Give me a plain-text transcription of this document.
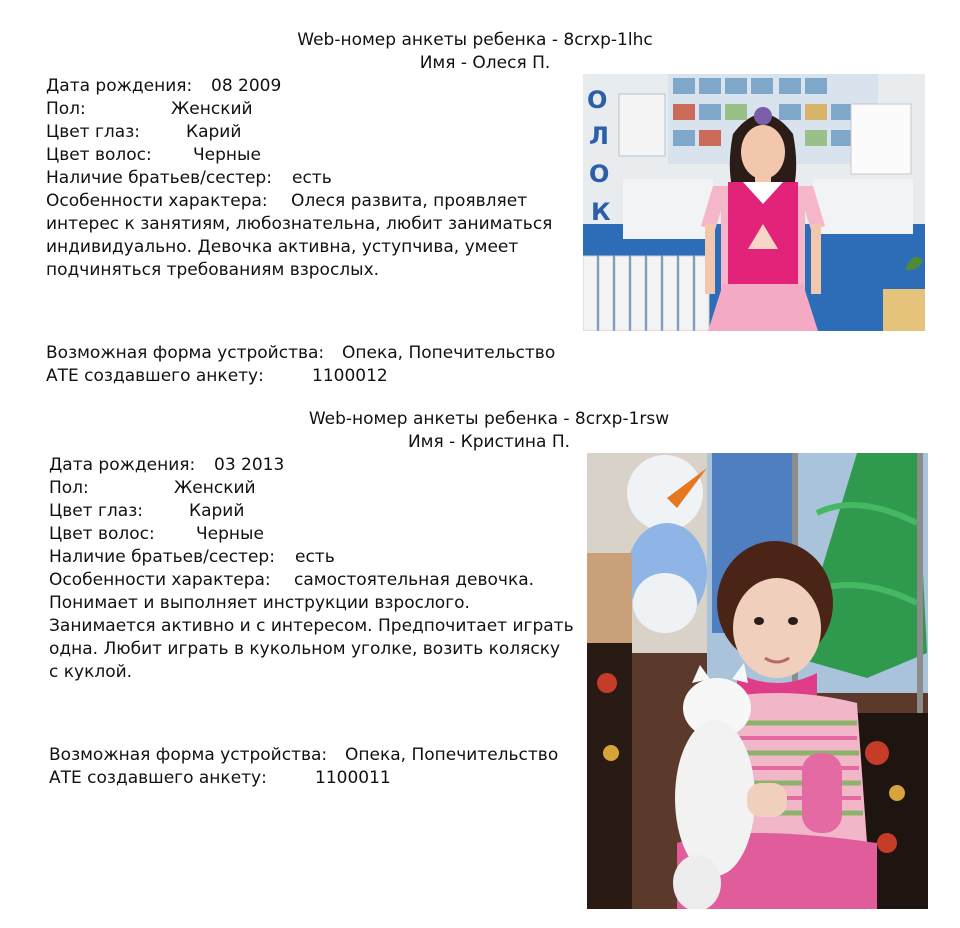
Web-номер анкеты ребенка - 8crxp-1lhc
Имя - Олеся П.
Дата рождения: 08 2009
Пол:	Женский
Цвет глаз:	Карий
Цвет волос: Черные
Наличие братьев/сестер: есть
Особенности характера: Олеся развита, проявляет интерес к занятиям, любознательна, любит заниматься индивидуально. Девочка активна, уступчива, умеет подчиняться требованиям взрослых.
Возможная форма устройства: Опека, Попечительство
АТЕ создавшего анкету:	1100012
О
Л
О
К
Web-номер анкеты ребенка - 8crxp-1rsw
Имя - Кристина П.
Дата рождения: 03 2013
Пол:	Женский
Цвет глаз:	Карий
Цвет волос: Черные
Наличие братьев/сестер: есть
Особенности характера: самостоятельная девочка. Понимает и выполняет инструкции взрослого. Занимается активно и с интересом. Предпочитает играть одна. Любит играть в кукольном уголке, возить коляску с куклой.
Возможная форма устройства: Опека, Попечительство
АТЕ создавшего анкету:	1100011
